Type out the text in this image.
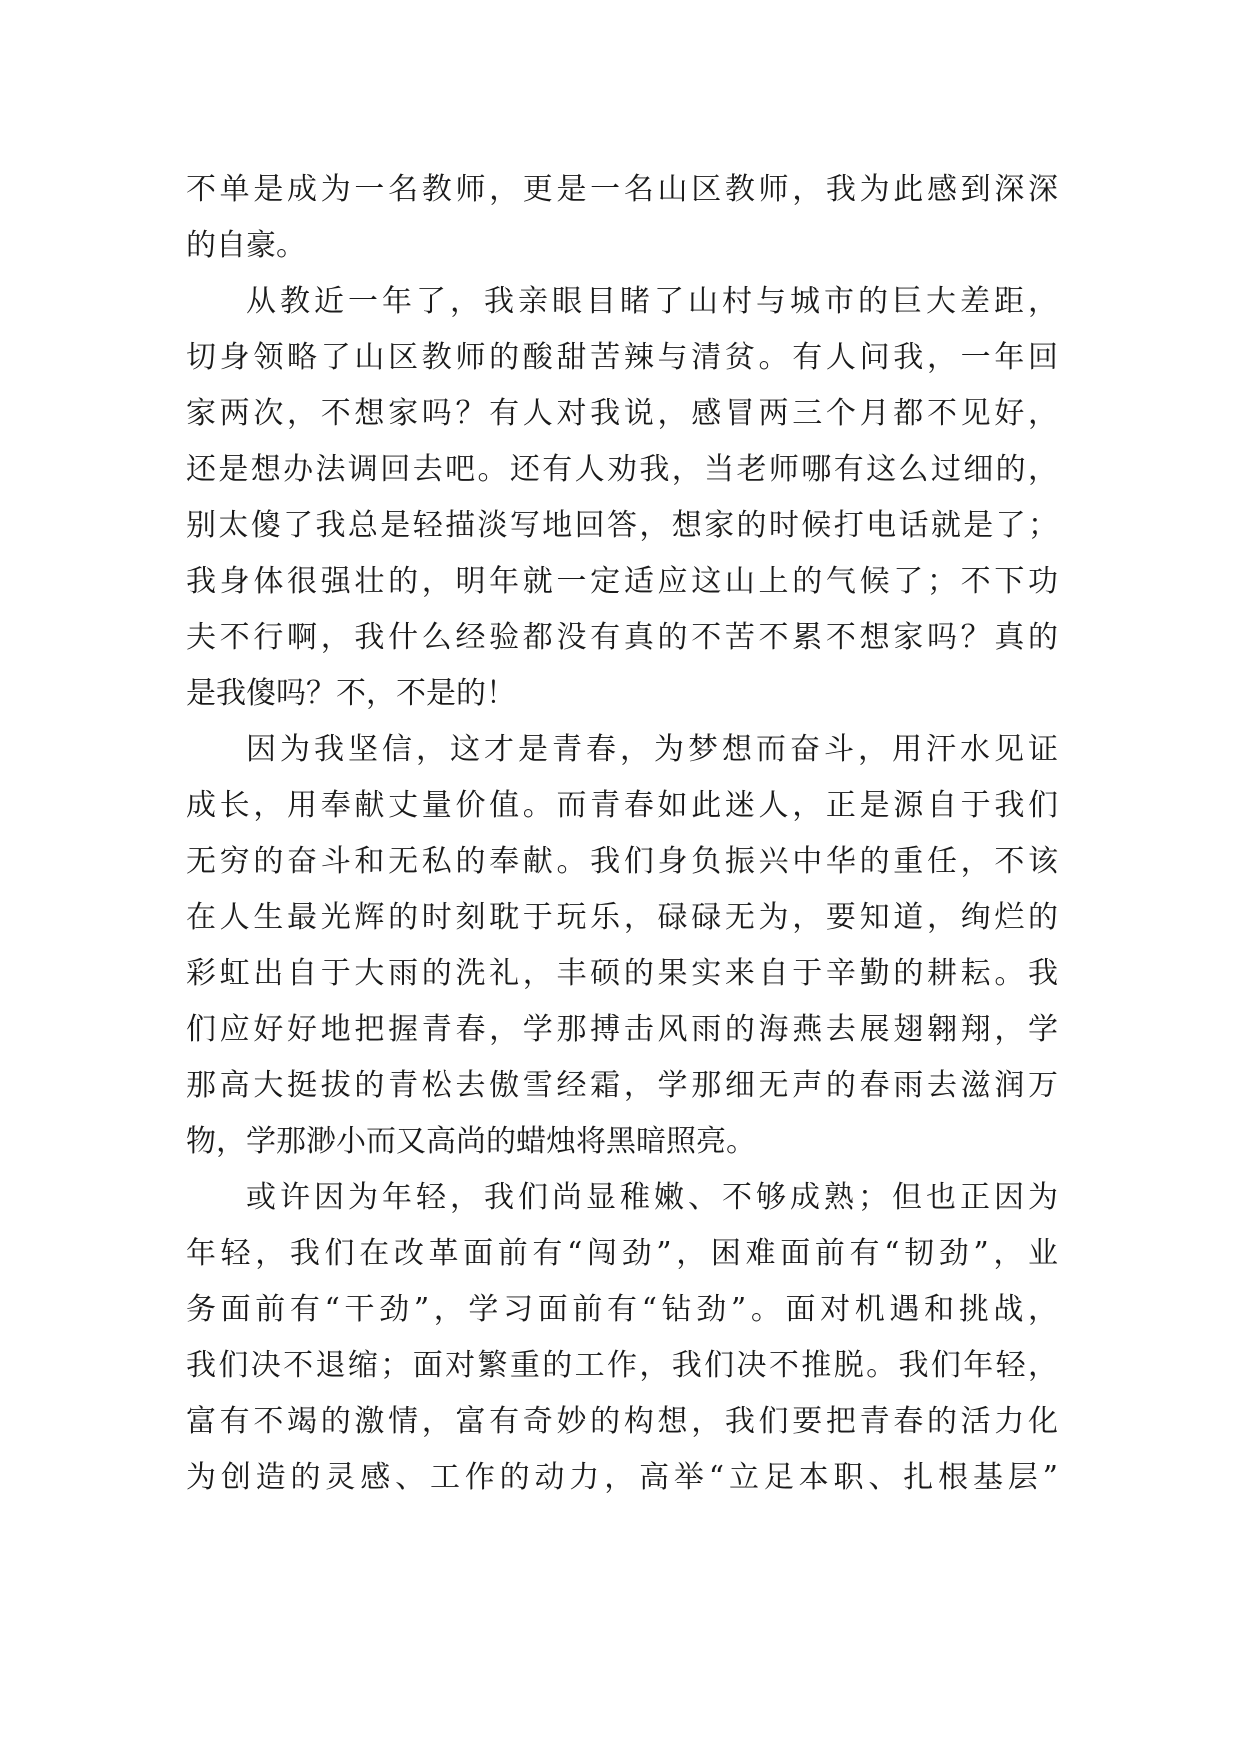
不单是成为一名教师，更是一名山区教师，我为此感到深深
的自豪。
从教近一年了，我亲眼目睹了山村与城市的巨大差距，
切身领略了山区教师的酸甜苦辣与清贫。有人问我，一年回
家两次，不想家吗？有人对我说，感冒两三个月都不见好，
还是想办法调回去吧。还有人劝我，当老师哪有这么过细的，
别太傻了我总是轻描淡写地回答，想家的时候打电话就是了；
我身体很强壮的，明年就一定适应这山上的气候了；不下功
夫不行啊，我什么经验都没有真的不苦不累不想家吗？真的
是我傻吗？不，不是的！
因为我坚信，这才是青春，为梦想而奋斗，用汗水见证
成长，用奉献丈量价值。而青春如此迷人，正是源自于我们
无穷的奋斗和无私的奉献。我们身负振兴中华的重任，不该
在人生最光辉的时刻耽于玩乐，碌碌无为，要知道，绚烂的
彩虹出自于大雨的洗礼，丰硕的果实来自于辛勤的耕耘。我
们应好好地把握青春，学那搏击风雨的海燕去展翅翱翔，学
那高大挺拔的青松去傲雪经霜，学那细无声的春雨去滋润万
物，学那渺小而又高尚的蜡烛将黑暗照亮。
或许因为年轻，我们尚显稚嫩、不够成熟；但也正因为
年轻，我们在改革面前有“闯劲”，困难面前有“韧劲”，业
务面前有“干劲”，学习面前有“钻劲”。面对机遇和挑战，
我们决不退缩；面对繁重的工作，我们决不推脱。我们年轻，
富有不竭的激情，富有奇妙的构想，我们要把青春的活力化
为创造的灵感、工作的动力，高举“立足本职、扎根基层”
